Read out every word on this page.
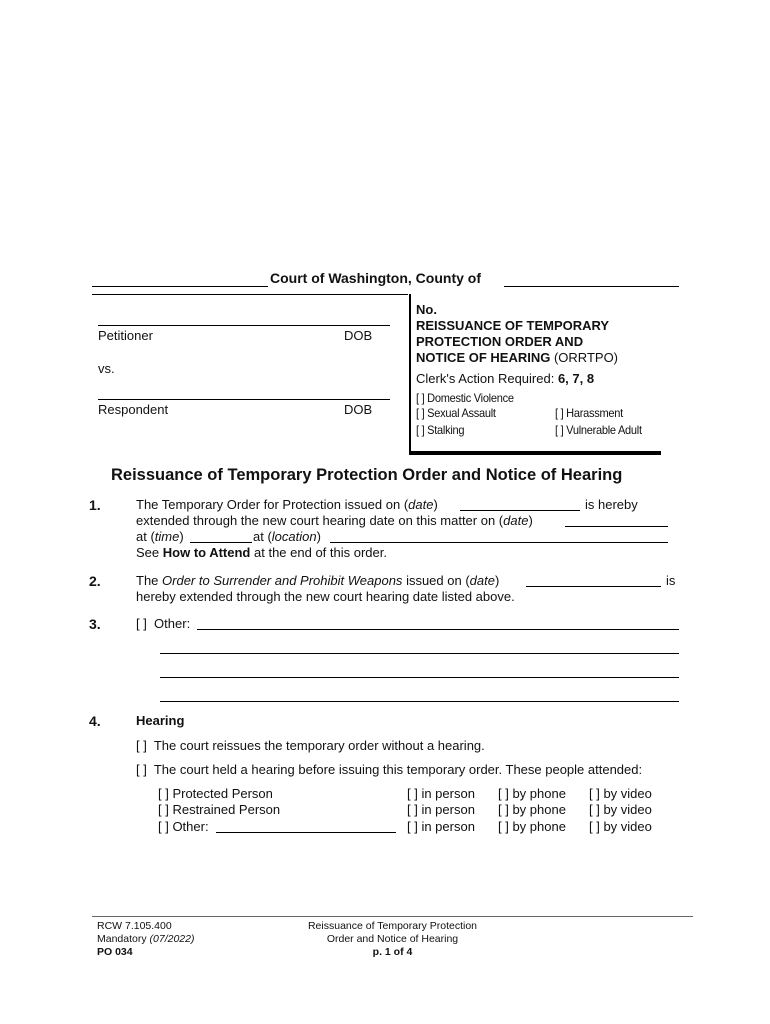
Court of Washington, County of
Petitioner	DOB
vs.
Respondent	DOB
No.
REISSUANCE OF TEMPORARY
PROTECTION ORDER AND
NOTICE OF HEARING (ORRTPO)
Clerk's Action Required: 6, 7, 8
[ ] Domestic Violence
[ ] Sexual Assault	[ ] Harassment
[ ] Stalking	[ ] Vulnerable Adult
Reissuance of Temporary Protection Order and Notice of Hearing
1.	The Temporary Order for Protection issued on (date)	is hereby
extended through the new court hearing date on this matter on (date)
at (time)	at (location)
See How to Attend at the end of this order.
2.	The Order to Surrender and Prohibit Weapons issued on (date)	is
hereby extended through the new court hearing date listed above.
3.	[ ]  Other:
4.	Hearing
[ ]  The court reissues the temporary order without a hearing.
[ ]  The court held a hearing before issuing this temporary order. These people attended:
[ ] Protected Person	[ ] in person [ ] by phone [ ] by video
[ ] Restrained Person	[ ] in person [ ] by phone [ ] by video
[ ] Other:	[ ] in person [ ] by phone [ ] by video
RCW 7.105.400
Mandatory (07/2022)
PO 034
Reissuance of Temporary Protection
Order and Notice of Hearing
p. 1 of 4
